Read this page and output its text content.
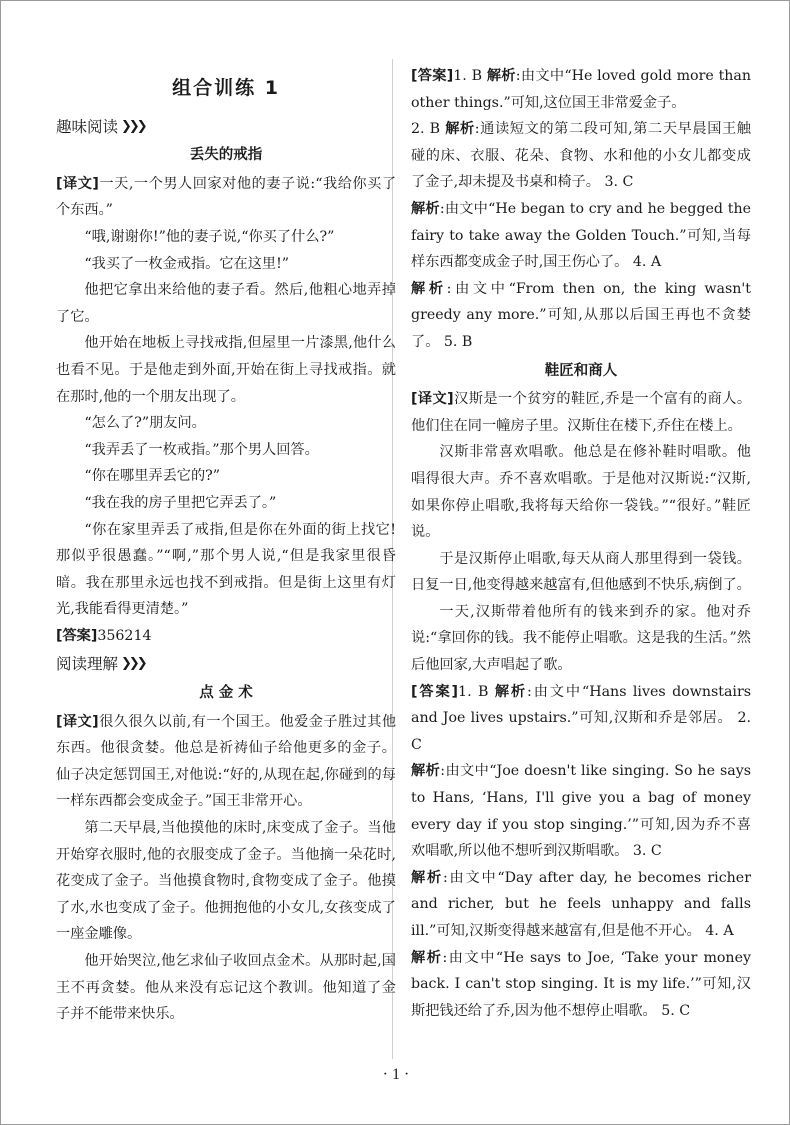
组合训练 1
趣味阅读 ❯❯❯
丢失的戒指

[译文]一天,一个男人回家对他的妻子说:“我给你买了个东西。”

“哦,谢谢你!”他的妻子说,“你买了什么?”

“我买了一枚金戒指。它在这里!”

他把它拿出来给他的妻子看。然后,他粗心地弄掉了它。

他开始在地板上寻找戒指,但屋里一片漆黑,他什么也看不见。于是他走到外面,开始在街上寻找戒指。就在那时,他的一个朋友出现了。

“怎么了?”朋友问。

“我弄丢了一枚戒指。”那个男人回答。

“你在哪里弄丢它的?”

“我在我的房子里把它弄丢了。”

“你在家里弄丢了戒指,但是你在外面的街上找它!那似乎很愚蠢。”“啊,”那个男人说,“但是我家里很昏暗。我在那里永远也找不到戒指。但是街上这里有灯光,我能看得更清楚。”

[答案]356214

阅读理解 ❯❯❯
点 金 术

[译文]很久很久以前,有一个国王。他爱金子胜过其他东西。他很贪婪。他总是祈祷仙子给他更多的金子。仙子决定惩罚国王,对他说:“好的,从现在起,你碰到的每一样东西都会变成金子。”国王非常开心。

第二天早晨,当他摸他的床时,床变成了金子。当他开始穿衣服时,他的衣服变成了金子。当他摘一朵花时,花变成了金子。当他摸食物时,食物变成了金子。他摸了水,水也变成了金子。他拥抱他的小女儿,女孩变成了一座金雕像。

他开始哭泣,他乞求仙子收回点金术。从那时起,国王不再贪婪。他从来没有忘记这个教训。他知道了金子并不能带来快乐。

[答案]1. B 解析:由文中“He loved gold more than other things.”可知,这位国王非常爱金子。

2. B 解析:通读短文的第二段可知,第二天早晨国王触碰的床、衣服、花朵、食物、水和他的小女儿都变成了金子,却未提及书桌和椅子。 3. C

解析:由文中“He began to cry and he begged the fairy to take away the Golden Touch.”可知,当每样东西都变成金子时,国王伤心了。 4. A

解析:由文中“From then on, the king wasn't greedy any more.”可知,从那以后国王再也不贪婪了。 5. B

鞋匠和商人

[译文]汉斯是一个贫穷的鞋匠,乔是一个富有的商人。他们住在同一幢房子里。汉斯住在楼下,乔住在楼上。

汉斯非常喜欢唱歌。他总是在修补鞋时唱歌。他唱得很大声。乔不喜欢唱歌。于是他对汉斯说:“汉斯,如果你停止唱歌,我将每天给你一袋钱。”“很好。”鞋匠说。

于是汉斯停止唱歌,每天从商人那里得到一袋钱。日复一日,他变得越来越富有,但他感到不快乐,病倒了。

一天,汉斯带着他所有的钱来到乔的家。他对乔说:“拿回你的钱。我不能停止唱歌。这是我的生活。”然后他回家,大声唱起了歌。

[答案]1. B 解析:由文中“Hans lives downstairs and Joe lives upstairs.”可知,汉斯和乔是邻居。 2. C

解析:由文中“Joe doesn't like singing. So he says to Hans, ‘Hans, I'll give you a bag of money every day if you stop singing.’”可知,因为乔不喜欢唱歌,所以他不想听到汉斯唱歌。 3. C

解析:由文中“Day after day, he becomes richer and richer, but he feels unhappy and falls ill.”可知,汉斯变得越来越富有,但是他不开心。 4. A

解析:由文中“He says to Joe, ‘Take your money back. I can't stop singing. It is my life.’”可知,汉斯把钱还给了乔,因为他不想停止唱歌。 5. C

· 1 ·
